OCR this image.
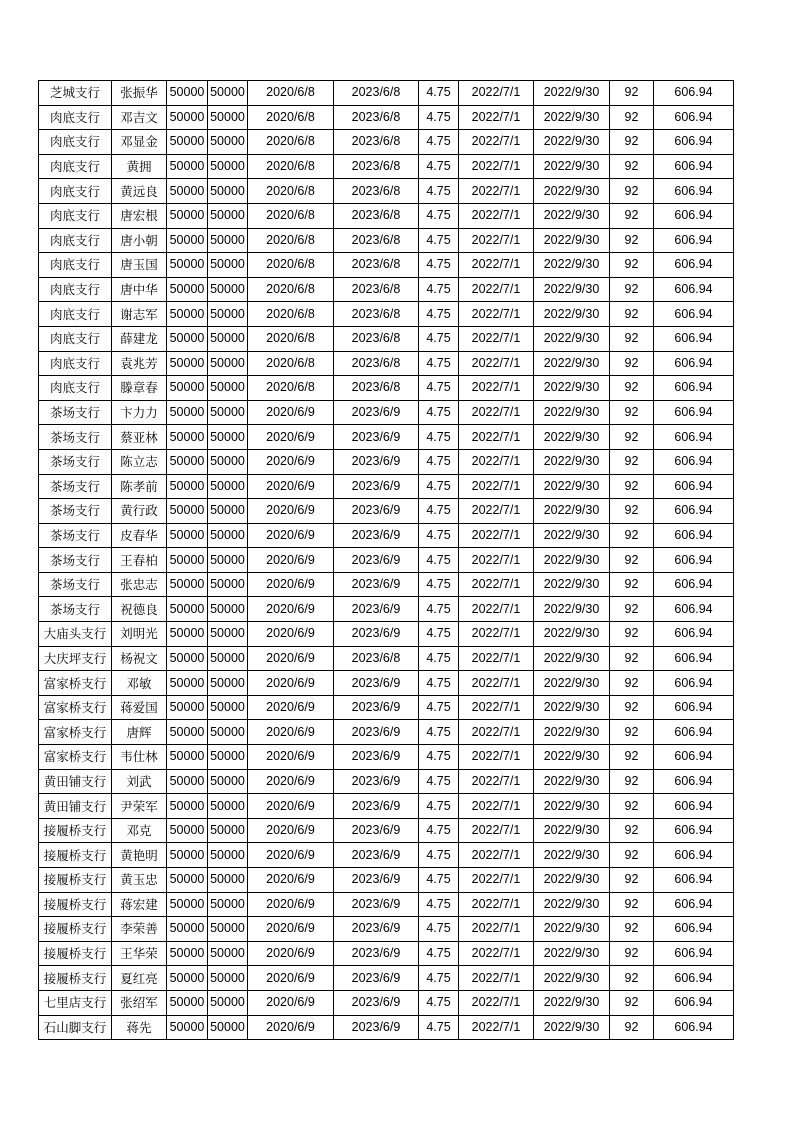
芝城支行	张振华	50000	50000	2020/6/8	2023/6/8	4.75	2022/7/1	2022/9/30	92	606.94
肉底支行	邓吉文	50000	50000	2020/6/8	2023/6/8	4.75	2022/7/1	2022/9/30	92	606.94
肉底支行	邓显金	50000	50000	2020/6/8	2023/6/8	4.75	2022/7/1	2022/9/30	92	606.94
肉底支行	黄拥	50000	50000	2020/6/8	2023/6/8	4.75	2022/7/1	2022/9/30	92	606.94
肉底支行	黄远良	50000	50000	2020/6/8	2023/6/8	4.75	2022/7/1	2022/9/30	92	606.94
肉底支行	唐宏根	50000	50000	2020/6/8	2023/6/8	4.75	2022/7/1	2022/9/30	92	606.94
肉底支行	唐小朝	50000	50000	2020/6/8	2023/6/8	4.75	2022/7/1	2022/9/30	92	606.94
肉底支行	唐玉国	50000	50000	2020/6/8	2023/6/8	4.75	2022/7/1	2022/9/30	92	606.94
肉底支行	唐中华	50000	50000	2020/6/8	2023/6/8	4.75	2022/7/1	2022/9/30	92	606.94
肉底支行	谢志军	50000	50000	2020/6/8	2023/6/8	4.75	2022/7/1	2022/9/30	92	606.94
肉底支行	薛建龙	50000	50000	2020/6/8	2023/6/8	4.75	2022/7/1	2022/9/30	92	606.94
肉底支行	袁兆芳	50000	50000	2020/6/8	2023/6/8	4.75	2022/7/1	2022/9/30	92	606.94
肉底支行	滕章春	50000	50000	2020/6/8	2023/6/8	4.75	2022/7/1	2022/9/30	92	606.94
茶场支行	卞力力	50000	50000	2020/6/9	2023/6/9	4.75	2022/7/1	2022/9/30	92	606.94
茶场支行	蔡亚林	50000	50000	2020/6/9	2023/6/9	4.75	2022/7/1	2022/9/30	92	606.94
茶场支行	陈立志	50000	50000	2020/6/9	2023/6/9	4.75	2022/7/1	2022/9/30	92	606.94
茶场支行	陈孝前	50000	50000	2020/6/9	2023/6/9	4.75	2022/7/1	2022/9/30	92	606.94
茶场支行	黄行政	50000	50000	2020/6/9	2023/6/9	4.75	2022/7/1	2022/9/30	92	606.94
茶场支行	皮春华	50000	50000	2020/6/9	2023/6/9	4.75	2022/7/1	2022/9/30	92	606.94
茶场支行	王春柏	50000	50000	2020/6/9	2023/6/9	4.75	2022/7/1	2022/9/30	92	606.94
茶场支行	张忠志	50000	50000	2020/6/9	2023/6/9	4.75	2022/7/1	2022/9/30	92	606.94
茶场支行	祝德良	50000	50000	2020/6/9	2023/6/9	4.75	2022/7/1	2022/9/30	92	606.94
大庙头支行	刘明光	50000	50000	2020/6/9	2023/6/9	4.75	2022/7/1	2022/9/30	92	606.94
大庆坪支行	杨祝文	50000	50000	2020/6/9	2023/6/8	4.75	2022/7/1	2022/9/30	92	606.94
富家桥支行	邓敏	50000	50000	2020/6/9	2023/6/9	4.75	2022/7/1	2022/9/30	92	606.94
富家桥支行	蒋爱国	50000	50000	2020/6/9	2023/6/9	4.75	2022/7/1	2022/9/30	92	606.94
富家桥支行	唐辉	50000	50000	2020/6/9	2023/6/9	4.75	2022/7/1	2022/9/30	92	606.94
富家桥支行	韦仕林	50000	50000	2020/6/9	2023/6/9	4.75	2022/7/1	2022/9/30	92	606.94
黄田铺支行	刘武	50000	50000	2020/6/9	2023/6/9	4.75	2022/7/1	2022/9/30	92	606.94
黄田铺支行	尹荣军	50000	50000	2020/6/9	2023/6/9	4.75	2022/7/1	2022/9/30	92	606.94
接履桥支行	邓克	50000	50000	2020/6/9	2023/6/9	4.75	2022/7/1	2022/9/30	92	606.94
接履桥支行	黄艳明	50000	50000	2020/6/9	2023/6/9	4.75	2022/7/1	2022/9/30	92	606.94
接履桥支行	黄玉忠	50000	50000	2020/6/9	2023/6/9	4.75	2022/7/1	2022/9/30	92	606.94
接履桥支行	蒋宏建	50000	50000	2020/6/9	2023/6/9	4.75	2022/7/1	2022/9/30	92	606.94
接履桥支行	李荣善	50000	50000	2020/6/9	2023/6/9	4.75	2022/7/1	2022/9/30	92	606.94
接履桥支行	王华荣	50000	50000	2020/6/9	2023/6/9	4.75	2022/7/1	2022/9/30	92	606.94
接履桥支行	夏红亮	50000	50000	2020/6/9	2023/6/9	4.75	2022/7/1	2022/9/30	92	606.94
七里店支行	张绍军	50000	50000	2020/6/9	2023/6/9	4.75	2022/7/1	2022/9/30	92	606.94
石山脚支行	蒋先	50000	50000	2020/6/9	2023/6/9	4.75	2022/7/1	2022/9/30	92	606.94
